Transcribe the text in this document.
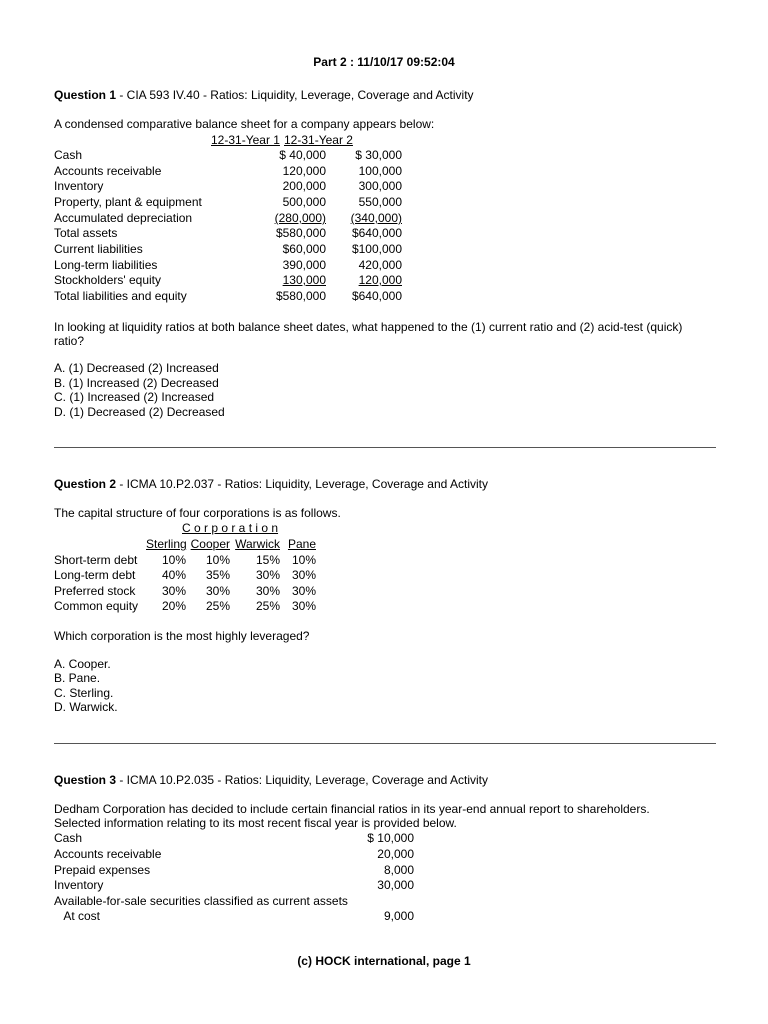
Part 2 : 11/10/17 09:52:04
Question 1 - CIA 593 IV.40 - Ratios: Liquidity, Leverage, Coverage and Activity
A condensed comparative balance sheet for a company appears below:
12-31-Year 1 12-31-Year 2
Cash	$ 40,000	$ 30,000
Accounts receivable	120,000	100,000
Inventory	200,000	300,000
Property, plant & equipment	500,000	550,000
Accumulated depreciation	(280,000)	(340,000)
Total assets	$580,000	$640,000
Current liabilities	$60,000	$100,000
Long-term liabilities	390,000	420,000
Stockholders' equity	130,000	120,000
Total liabilities and equity	$580,000	$640,000
In looking at liquidity ratios at both balance sheet dates, what happened to the (1) current ratio and (2) acid-test (quick)
ratio?
A. (1) Decreased (2) Increased
B. (1) Increased (2) Decreased
C. (1) Increased (2) Increased
D. (1) Decreased (2) Decreased
Question 2 - ICMA 10.P2.037 - Ratios: Liquidity, Leverage, Coverage and Activity
The capital structure of four corporations is as follows.
C o r p o r a t i o n
Sterling Cooper Warwick Pane
Short-term debt	10%	10%	15% 10%
Long-term debt	40%	35%	30% 30%
Preferred stock	30%	30%	30% 30%
Common equity	20%	25%	25% 30%
Which corporation is the most highly leveraged?
A. Cooper.
B. Pane.
C. Sterling.
D. Warwick.
Question 3 - ICMA 10.P2.035 - Ratios: Liquidity, Leverage, Coverage and Activity
Dedham Corporation has decided to include certain financial ratios in its year-end annual report to shareholders.
Selected information relating to its most recent fiscal year is provided below.
Cash	$ 10,000
Accounts receivable	20,000
Prepaid expenses	8,000
Inventory	30,000
Available-for-sale securities classified as current assets
At cost	9,000
(c) HOCK international, page 1
